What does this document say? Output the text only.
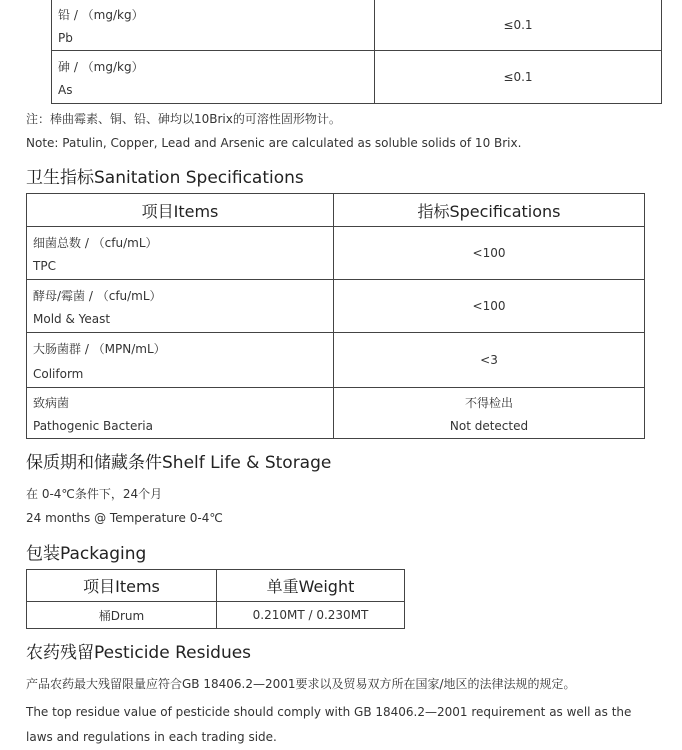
铅 / （mg/kg）
Pb	≤0.1

砷 / （mg/kg）
As	≤0.1
注：棒曲霉素、铜、铅、砷均以10Brix的可溶性固形物计。
Note: Patulin, Copper, Lead and Arsenic are calculated as soluble solids of 10 Brix.
卫生指标Sanitation Specifications
项目Items	指标Specifications

细菌总数 / （cfu/mL）
TPC	<100

酵母/霉菌 / （cfu/mL）
Mold & Yeast	<100

大肠菌群 / （MPN/mL）
Coliform	<3

致病菌
Pathogenic Bacteria	不得检出
Not detected
保质期和储藏条件Shelf Life & Storage
在 0-4℃条件下，24个月
24 months @ Temperature 0-4℃
包装Packaging
项目Items	单重Weight
桶Drum	0.210MT / 0.230MT
农药残留Pesticide Residues
产品农药最大残留限量应符合GB 18406.2—2001要求以及贸易双方所在国家/地区的法律法规的规定。
The top residue value of pesticide should comply with GB 18406.2—2001 requirement as well as the laws and regulations in each trading side.
